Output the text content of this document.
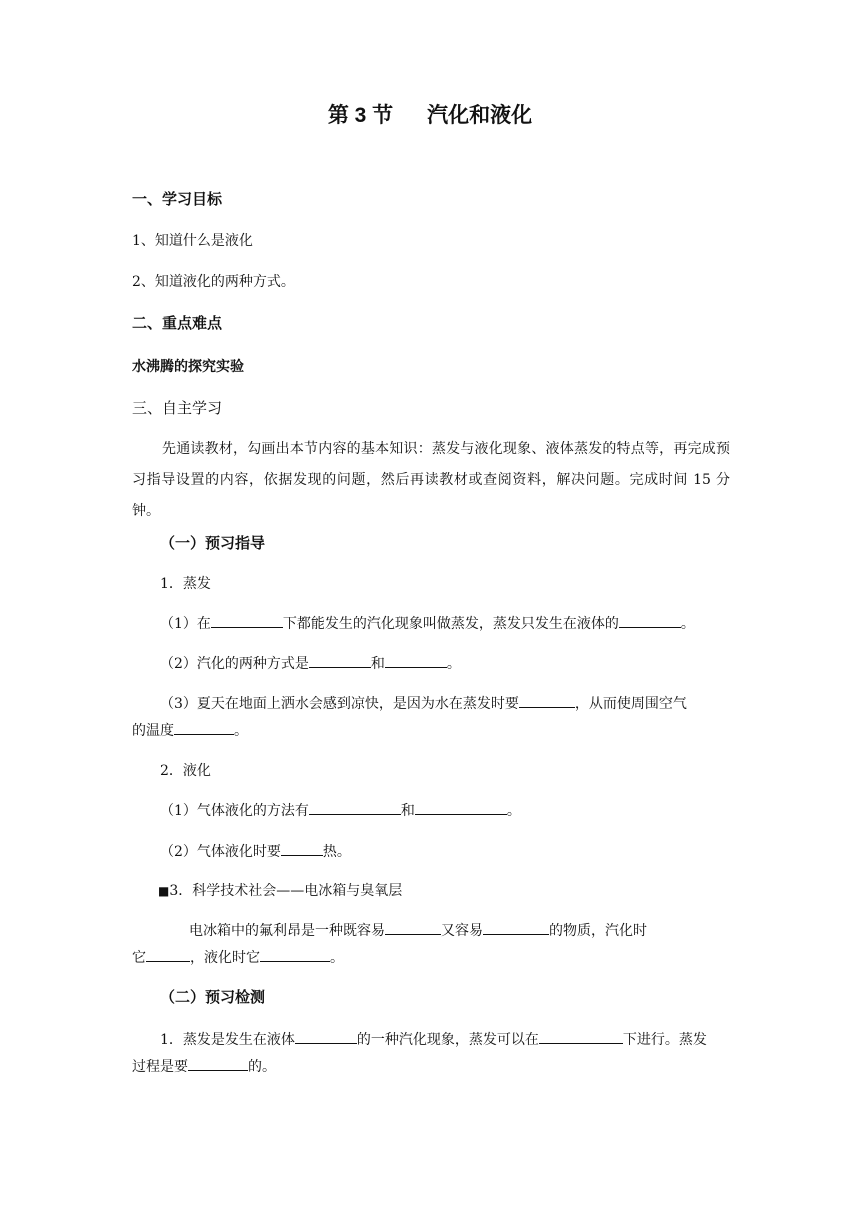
第 3 节 汽化和液化
一、学习目标
1、知道什么是液化
2、知道液化的两种方式。
二、重点难点
水沸腾的探究实验
三、自主学习
先通读教材，勾画出本节内容的基本知识：蒸发与液化现象、液体蒸发的特点等，再完成预习指导设置的内容，依据发现的问题，然后再读教材或查阅资料，解决问题。完成时间 15 分钟。
（一）预习指导
1．蒸发
（1）在	下都能发生的汽化现象叫做蒸发，蒸发只发生在液体的	。
（2）汽化的两种方式是	和	。
（3）夏天在地面上洒水会感到凉快，是因为水在蒸发时要	，从而使周围空气
的温度	。
2．液化
（1）气体液化的方法有	和	。
（2）气体液化时要	热。
■3．科学技术社会——电冰箱与臭氧层
电冰箱中的氟利昂是一种既容易	又容易	的物质，汽化时
它	，液化时它	。
（二）预习检测
1．蒸发是发生在液体	的一种汽化现象，蒸发可以在	下进行。蒸发
过程是要	的。
